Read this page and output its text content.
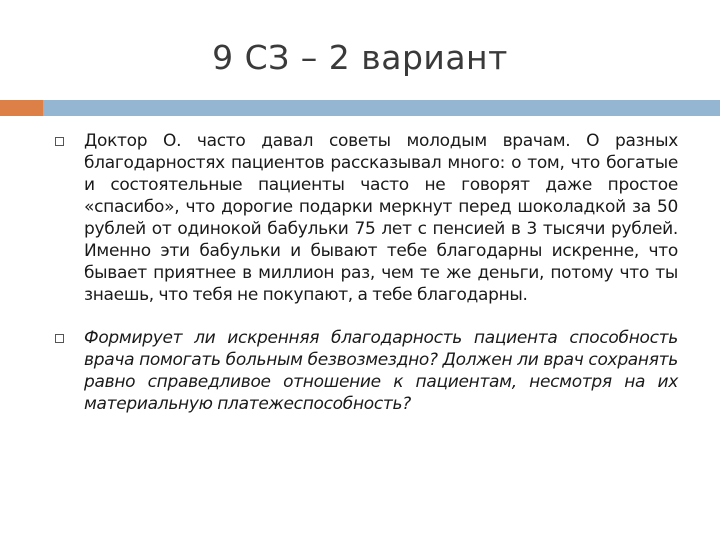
9 СЗ – 2 вариант
Доктор О. часто давал советы молодым врачам. О разных благодарностях пациентов рассказывал много: о том, что богатые и состоятельные пациенты часто не говорят даже простое «спасибо», что дорогие подарки меркнут перед шоколадкой за 50 рублей от одинокой бабульки 75 лет с пенсией в 3 тысячи рублей. Именно эти бабульки и бывают тебе благодарны искренне, что бывает приятнее в миллион раз, чем те же деньги, потому что ты знаешь, что тебя не покупают, а тебе благодарны.
Формирует ли искренняя благодарность пациента способность врача помогать больным безвозмездно? Должен ли врач сохранять равно справедливое отношение к пациентам, несмотря на их материальную платежеспособность?
